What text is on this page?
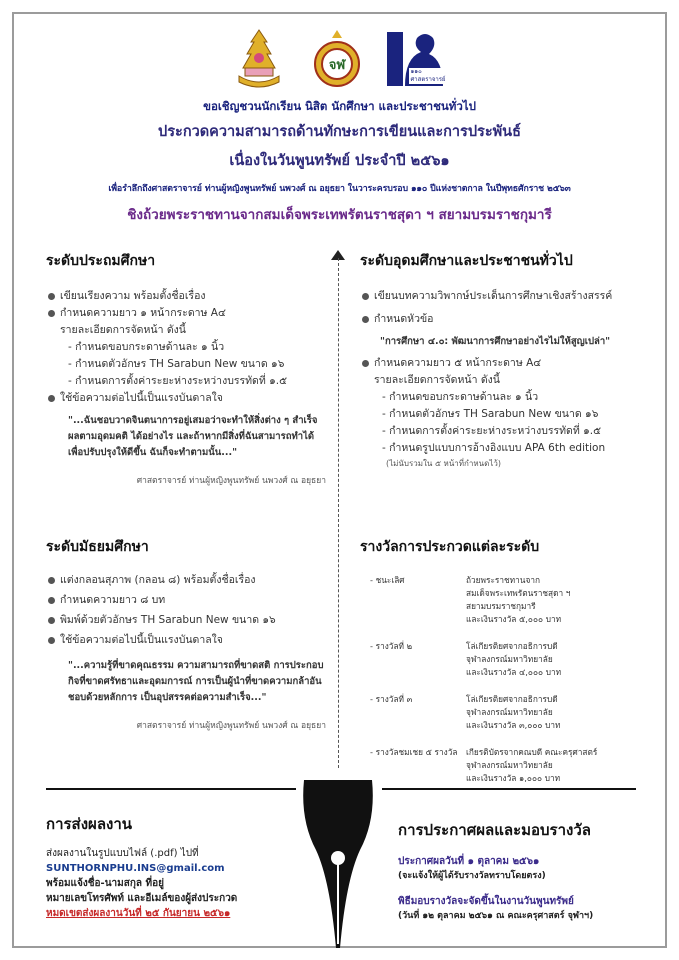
จฬ	๑๑๐ ศาสตราจารย์
ขอเชิญชวนนักเรียน นิสิต นักศึกษา และประชาชนทั่วไป
ประกวดความสามารถด้านทักษะการเขียนและการประพันธ์
เนื่องในวันพูนทรัพย์ ประจำปี ๒๕๖๑
เพื่อรำลึกถึงศาสตราจารย์ ท่านผู้หญิงพูนทรัพย์ นพวงศ์ ณ อยุธยา ในวาระครบรอบ ๑๑๐ ปีแห่งชาตกาล ในปีพุทธศักราช ๒๕๖๓
ชิงถ้วยพระราชทานจากสมเด็จพระเทพรัตนราชสุดา ฯ สยามบรมราชกุมารี
ระดับประถมศึกษา
เขียนเรียงความ พร้อมตั้งชื่อเรื่อง
กำหนดความยาว ๑ หน้ากระดาษ A๔
รายละเอียดการจัดหน้า ดังนี้
- กำหนดขอบกระดาษด้านละ ๑ นิ้ว
- กำหนดตัวอักษร TH Sarabun New ขนาด ๑๖
- กำหนดการตั้งค่าระยะห่างระหว่างบรรทัดที่ ๑.๕
ใช้ข้อความต่อไปนี้เป็นแรงบันดาลใจ
"...ฉันชอบวาดจินตนาการอยู่เสมอว่าจะทำให้สิ่งต่าง ๆ สำเร็จผลตามอุดมคติ ได้อย่างไร และถ้าหากมีสิ่งที่ฉันสามารถทำได้เพื่อปรับปรุงให้ดีขึ้น ฉันก็จะทำตามนั้น..."
ศาสตราจารย์ ท่านผู้หญิงพูนทรัพย์ นพวงศ์ ณ อยุธยา
ระดับอุดมศึกษาและประชาชนทั่วไป
เขียนบทความวิพากษ์ประเด็นการศึกษาเชิงสร้างสรรค์
กำหนดหัวข้อ
"การศึกษา ๔.๐: พัฒนาการศึกษาอย่างไรไม่ให้สูญเปล่า"
กำหนดความยาว ๕ หน้ากระดาษ A๔
รายละเอียดการจัดหน้า ดังนี้
- กำหนดขอบกระดาษด้านละ ๑ นิ้ว
- กำหนดตัวอักษร TH Sarabun New ขนาด ๑๖
- กำหนดการตั้งค่าระยะห่างระหว่างบรรทัดที่ ๑.๕
- กำหนดรูปแบบการอ้างอิงแบบ APA 6th edition
(ไม่นับรวมใน ๕ หน้าที่กำหนดไว้)
ระดับมัธยมศึกษา
แต่งกลอนสุภาพ (กลอน ๘) พร้อมตั้งชื่อเรื่อง
กำหนดความยาว ๘ บท
พิมพ์ด้วยตัวอักษร TH Sarabun New ขนาด ๑๖
ใช้ข้อความต่อไปนี้เป็นแรงบันดาลใจ
"...ความรู้ที่ขาดคุณธรรม ความสามารถที่ขาดสติ การประกอบกิจที่ขาดศรัทธาและอุดมการณ์ การเป็นผู้นำที่ขาดความกล้าอันชอบด้วยหลักการ เป็นอุปสรรคต่อความสำเร็จ..."
ศาสตราจารย์ ท่านผู้หญิงพูนทรัพย์ นพวงศ์ ณ อยุธยา
รางวัลการประกวดแต่ละระดับ
- ชนะเลิศ	ถ้วยพระราชทานจาก
สมเด็จพระเทพรัตนราชสุดา ฯ
สยามบรมราชกุมารี
และเงินรางวัล ๕,๐๐๐ บาท
- รางวัลที่ ๒	โล่เกียรติยศจากอธิการบดี
จุฬาลงกรณ์มหาวิทยาลัย
และเงินรางวัล ๔,๐๐๐ บาท
- รางวัลที่ ๓	โล่เกียรติยศจากอธิการบดี
จุฬาลงกรณ์มหาวิทยาลัย
และเงินรางวัล ๓,๐๐๐ บาท
- รางวัลชมเชย ๕ รางวัล	เกียรติบัตรจากคณบดี คณะครุศาสตร์
จุฬาลงกรณ์มหาวิทยาลัย
และเงินรางวัล ๑,๐๐๐ บาท
การส่งผลงาน
ส่งผลงานในรูปแบบไฟล์ (.pdf) ไปที่
SUNTHORNPHU.INS@gmail.com
พร้อมแจ้งชื่อ-นามสกุล ที่อยู่
หมายเลขโทรศัพท์ และอีเมล์ของผู้ส่งประกวด
หมดเขตส่งผลงานวันที่ ๒๕ กันยายน ๒๕๖๑
การประกาศผลและมอบรางวัล
ประกาศผลวันที่ ๑ ตุลาคม ๒๕๖๑
(จะแจ้งให้ผู้ได้รับรางวัลทราบโดยตรง)
พิธีมอบรางวัลจะจัดขึ้นในงานวันพูนทรัพย์
(วันที่ ๑๒ ตุลาคม ๒๕๖๑ ณ คณะครุศาสตร์ จุฬาฯ)
